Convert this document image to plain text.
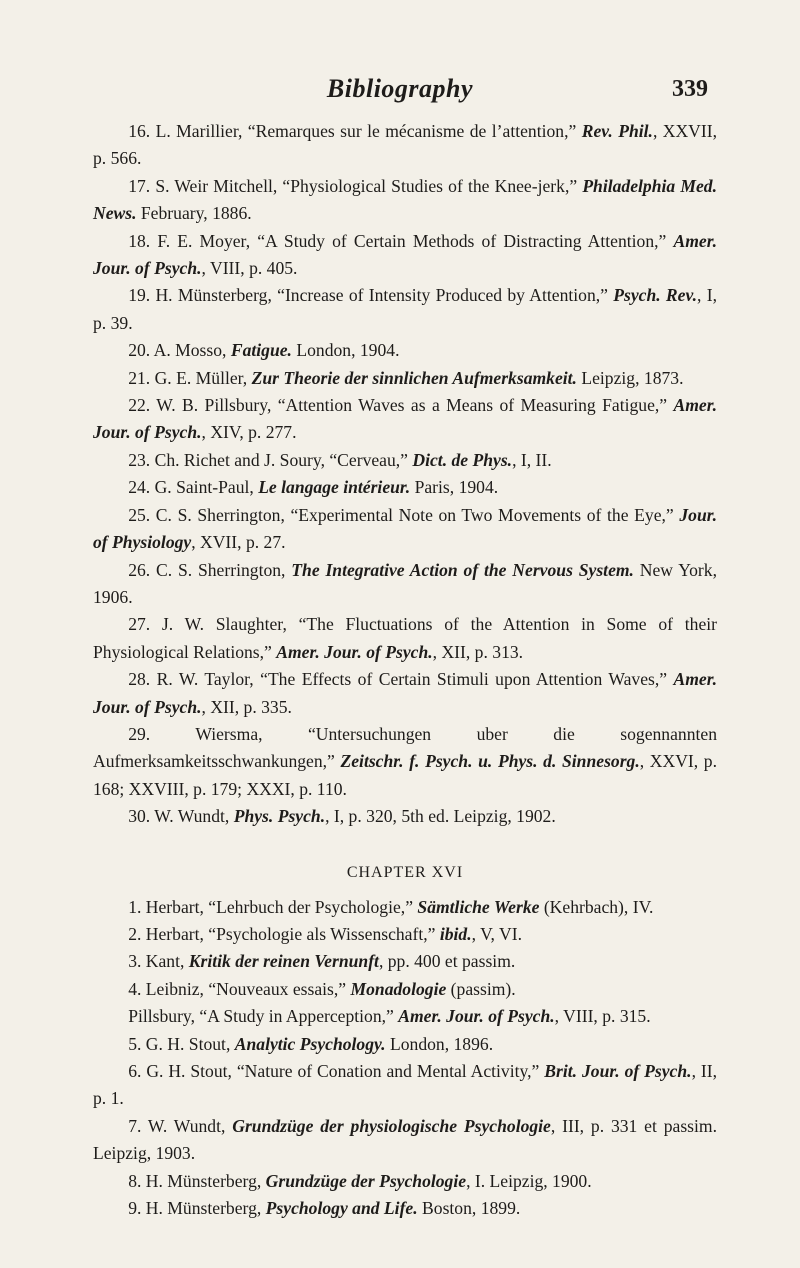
Bibliography	339

16. L. Marillier, “Remarques sur le mécanisme de l’attention,” Rev. Phil., XXVII, p. 566.

17. S. Weir Mitchell, “Physiological Studies of the Knee-jerk,” Philadelphia Med. News. February, 1886.

18. F. E. Moyer, “A Study of Certain Methods of Distracting Attention,” Amer. Jour. of Psych., VIII, p. 405.

19. H. Münsterberg, “Increase of Intensity Produced by Attention,” Psych. Rev., I, p. 39.

20. A. Mosso, Fatigue. London, 1904.

21. G. E. Müller, Zur Theorie der sinnlichen Aufmerksamkeit. Leipzig, 1873.

22. W. B. Pillsbury, “Attention Waves as a Means of Measuring Fatigue,” Amer. Jour. of Psych., XIV, p. 277.

23. Ch. Richet and J. Soury, “Cerveau,” Dict. de Phys., I, II.

24. G. Saint-Paul, Le langage intérieur. Paris, 1904.

25. C. S. Sherrington, “Experimental Note on Two Movements of the Eye,” Jour. of Physiology, XVII, p. 27.

26. C. S. Sherrington, The Integrative Action of the Nervous System. New York, 1906.

27. J. W. Slaughter, “The Fluctuations of the Attention in Some of their Physiological Relations,” Amer. Jour. of Psych., XII, p. 313.

28. R. W. Taylor, “The Effects of Certain Stimuli upon Attention Waves,” Amer. Jour. of Psych., XII, p. 335.

29. Wiersma, “Untersuchungen uber die sogennannten Aufmerksamkeitsschwankungen,” Zeitschr. f. Psych. u. Phys. d. Sinnesorg., XXVI, p. 168; XXVIII, p. 179; XXXI, p. 110.

30. W. Wundt, Phys. Psych., I, p. 320, 5th ed. Leipzig, 1902.

CHAPTER XVI

1. Herbart, “Lehrbuch der Psychologie,” Sämtliche Werke (Kehrbach), IV.

2. Herbart, “Psychologie als Wissenschaft,” ibid., V, VI.

3. Kant, Kritik der reinen Vernunft, pp. 400 et passim.

4. Leibniz, “Nouveaux essais,” Monadologie (passim).

Pillsbury, “A Study in Apperception,” Amer. Jour. of Psych., VIII, p. 315.

5. G. H. Stout, Analytic Psychology. London, 1896.

6. G. H. Stout, “Nature of Conation and Mental Activity,” Brit. Jour. of Psych., II, p. 1.

7. W. Wundt, Grundzüge der physiologische Psychologie, III, p. 331 et passim. Leipzig, 1903.

8. H. Münsterberg, Grundzüge der Psychologie, I. Leipzig, 1900.

9. H. Münsterberg, Psychology and Life. Boston, 1899.
